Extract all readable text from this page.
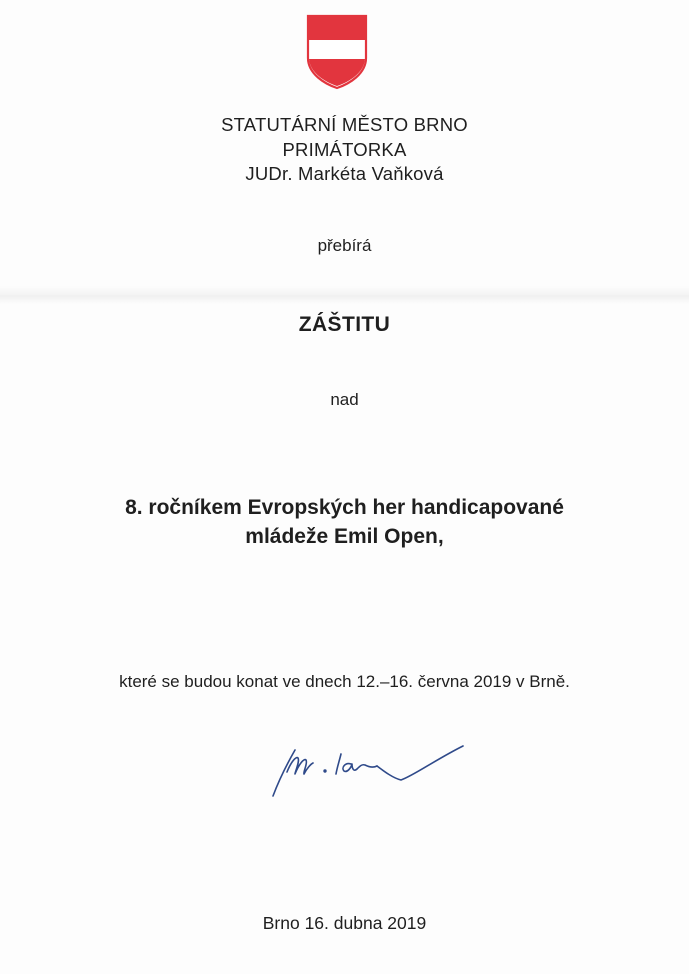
STATUTÁRNÍ MĚSTO BRNO
PRIMÁTORKA
JUDr. Markéta Vaňková
přebírá
ZÁŠTITU
nad
8. ročníkem Evropských her handicapované
mládeže Emil Open,
které se budou konat ve dnech 12.–16. června 2019 v Brně.
Brno 16. dubna 2019
